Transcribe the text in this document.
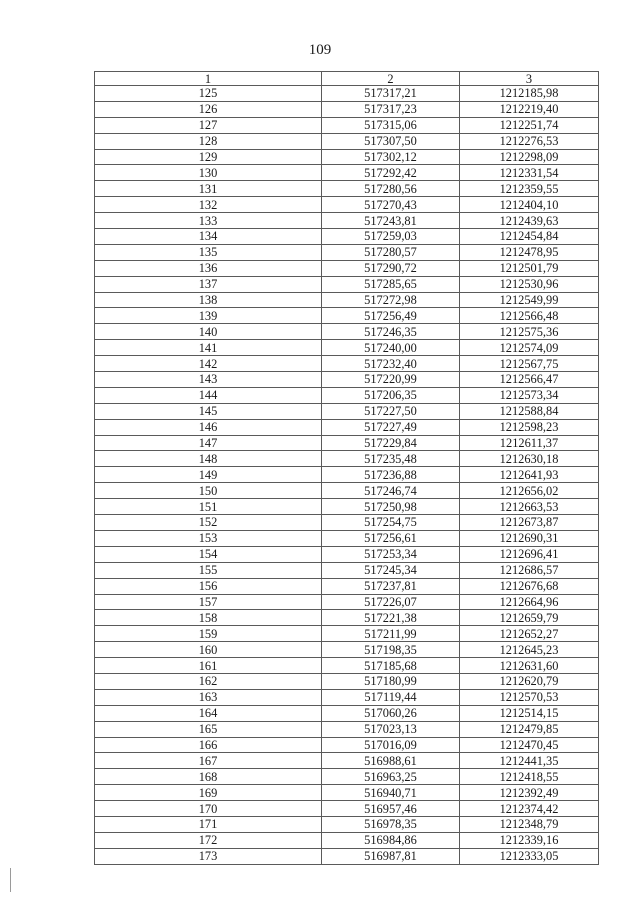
109
1	2	3
125	517317,21	1212185,98
126	517317,23	1212219,40
127	517315,06	1212251,74
128	517307,50	1212276,53
129	517302,12	1212298,09
130	517292,42	1212331,54
131	517280,56	1212359,55
132	517270,43	1212404,10
133	517243,81	1212439,63
134	517259,03	1212454,84
135	517280,57	1212478,95
136	517290,72	1212501,79
137	517285,65	1212530,96
138	517272,98	1212549,99
139	517256,49	1212566,48
140	517246,35	1212575,36
141	517240,00	1212574,09
142	517232,40	1212567,75
143	517220,99	1212566,47
144	517206,35	1212573,34
145	517227,50	1212588,84
146	517227,49	1212598,23
147	517229,84	1212611,37
148	517235,48	1212630,18
149	517236,88	1212641,93
150	517246,74	1212656,02
151	517250,98	1212663,53
152	517254,75	1212673,87
153	517256,61	1212690,31
154	517253,34	1212696,41
155	517245,34	1212686,57
156	517237,81	1212676,68
157	517226,07	1212664,96
158	517221,38	1212659,79
159	517211,99	1212652,27
160	517198,35	1212645,23
161	517185,68	1212631,60
162	517180,99	1212620,79
163	517119,44	1212570,53
164	517060,26	1212514,15
165	517023,13	1212479,85
166	517016,09	1212470,45
167	516988,61	1212441,35
168	516963,25	1212418,55
169	516940,71	1212392,49
170	516957,46	1212374,42
171	516978,35	1212348,79
172	516984,86	1212339,16
173	516987,81	1212333,05
